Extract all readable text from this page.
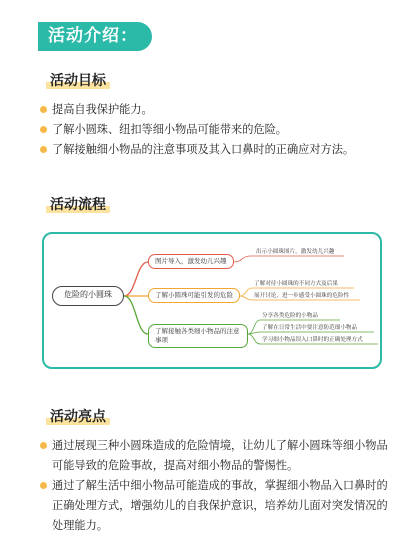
活动介绍：
活动目标
提高自我保护能力。
了解小圆珠、纽扣等细小物品可能带来的危险。
了解接触细小物品的注意事项及其入口鼻时的正确应对方法。
活动流程
危险的小圆珠
图片导入，激发幼儿兴趣
出示小圆珠图片，激发幼儿兴趣
了解小圆珠可能引发的危险
了解对待小圆珠的不同方式及后果
展开讨论，进一步感受小圆珠的危险性
了解接触各类细小物品的注意事项
分享各类危险的小物品
了解在日常生活中要注意防范细小物品
学习细小物品误入口鼻时的正确处理方式
活动亮点
通过展现三种小圆珠造成的危险情境，让幼儿了解小圆珠等细小物品可能导致的危险事故，提高对细小物品的警惕性。
通过了解生活中细小物品可能造成的事故，掌握细小物品入口鼻时的正确处理方式，增强幼儿的自我保护意识，培养幼儿面对突发情况的处理能力。
